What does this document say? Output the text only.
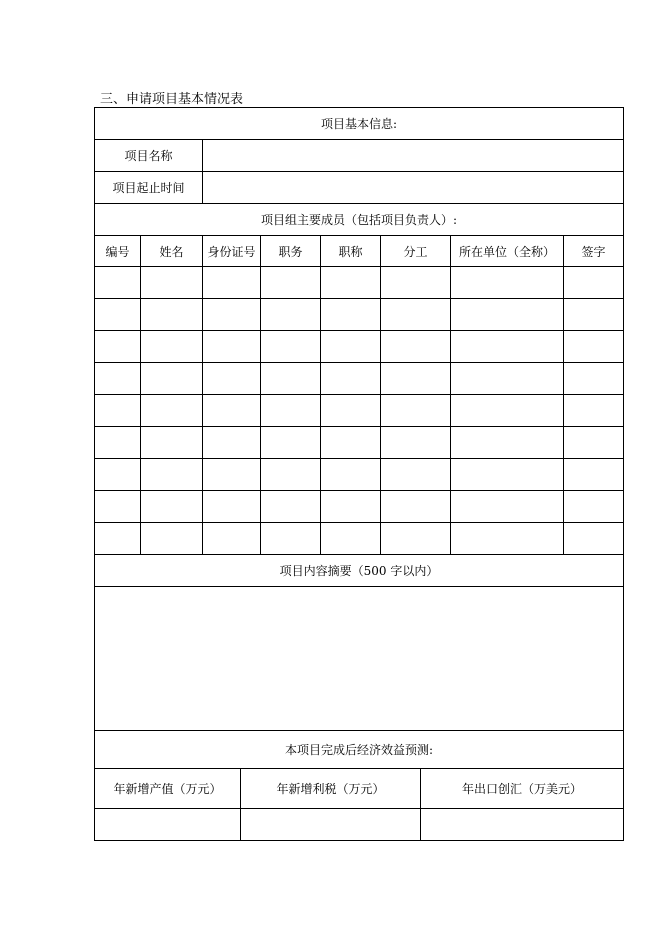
三、申请项目基本情况表
项目基本信息:							
项目名称							
项目起止时间							
项目组主要成员（包括项目负责人）:							
编号	姓名	身份证号	职务	职称	分工	所在单位（全称）	签字

项目内容摘要（500 字以内）							

本项目完成后经济效益预测:							
年新增产值（万元）	年新增利税（万元）	年出口创汇（万美元）
